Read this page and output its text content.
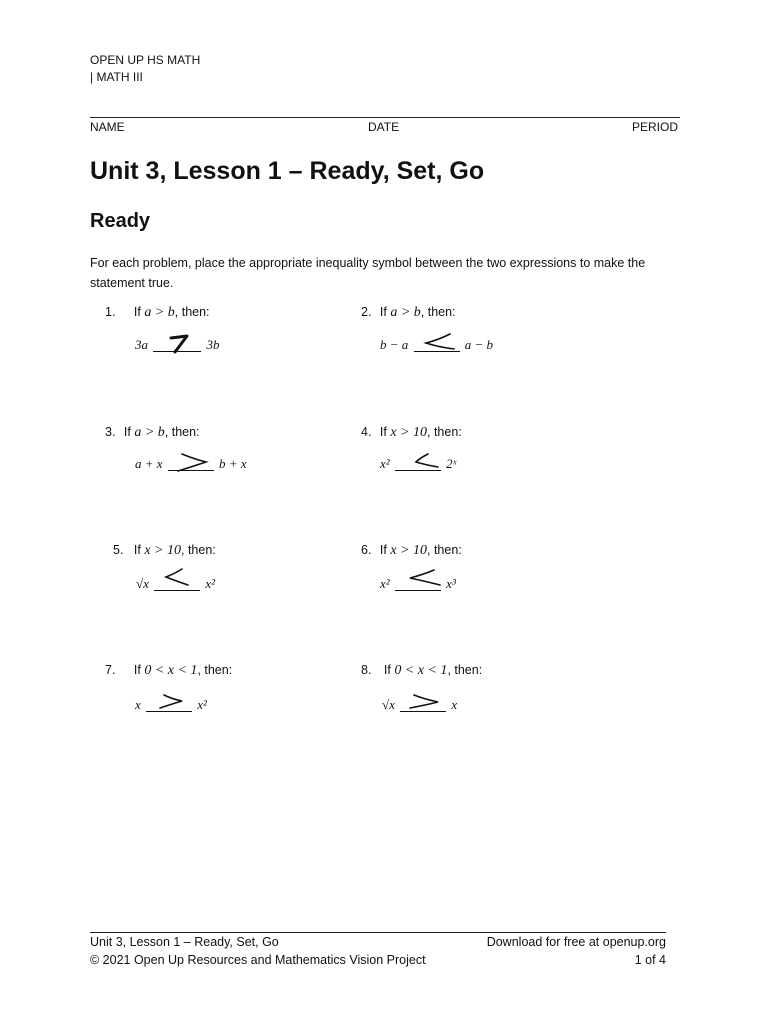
OPEN UP HS MATH
| MATH III
NAME	DATE	PERIOD
Unit 3, Lesson 1 – Ready, Set, Go
Ready
For each problem, place the appropriate inequality symbol between the two expressions to make the statement true.
1. If a > b, then:
3a	3b
2. If a > b, then:
b − a	a − b
3. If a > b, then:
a + x	b + x
4. If x > 10, then:
x²	2ˣ
5. If x > 10, then:
√x	x²
6. If x > 10, then:
x²	x³
7. If 0 < x < 1, then:
x	x²
8. If 0 < x < 1, then:
√x	x
Unit 3, Lesson 1 – Ready, Set, Go
© 2021 Open Up Resources and Mathematics Vision Project
Download for free at openup.org
1 of 4
